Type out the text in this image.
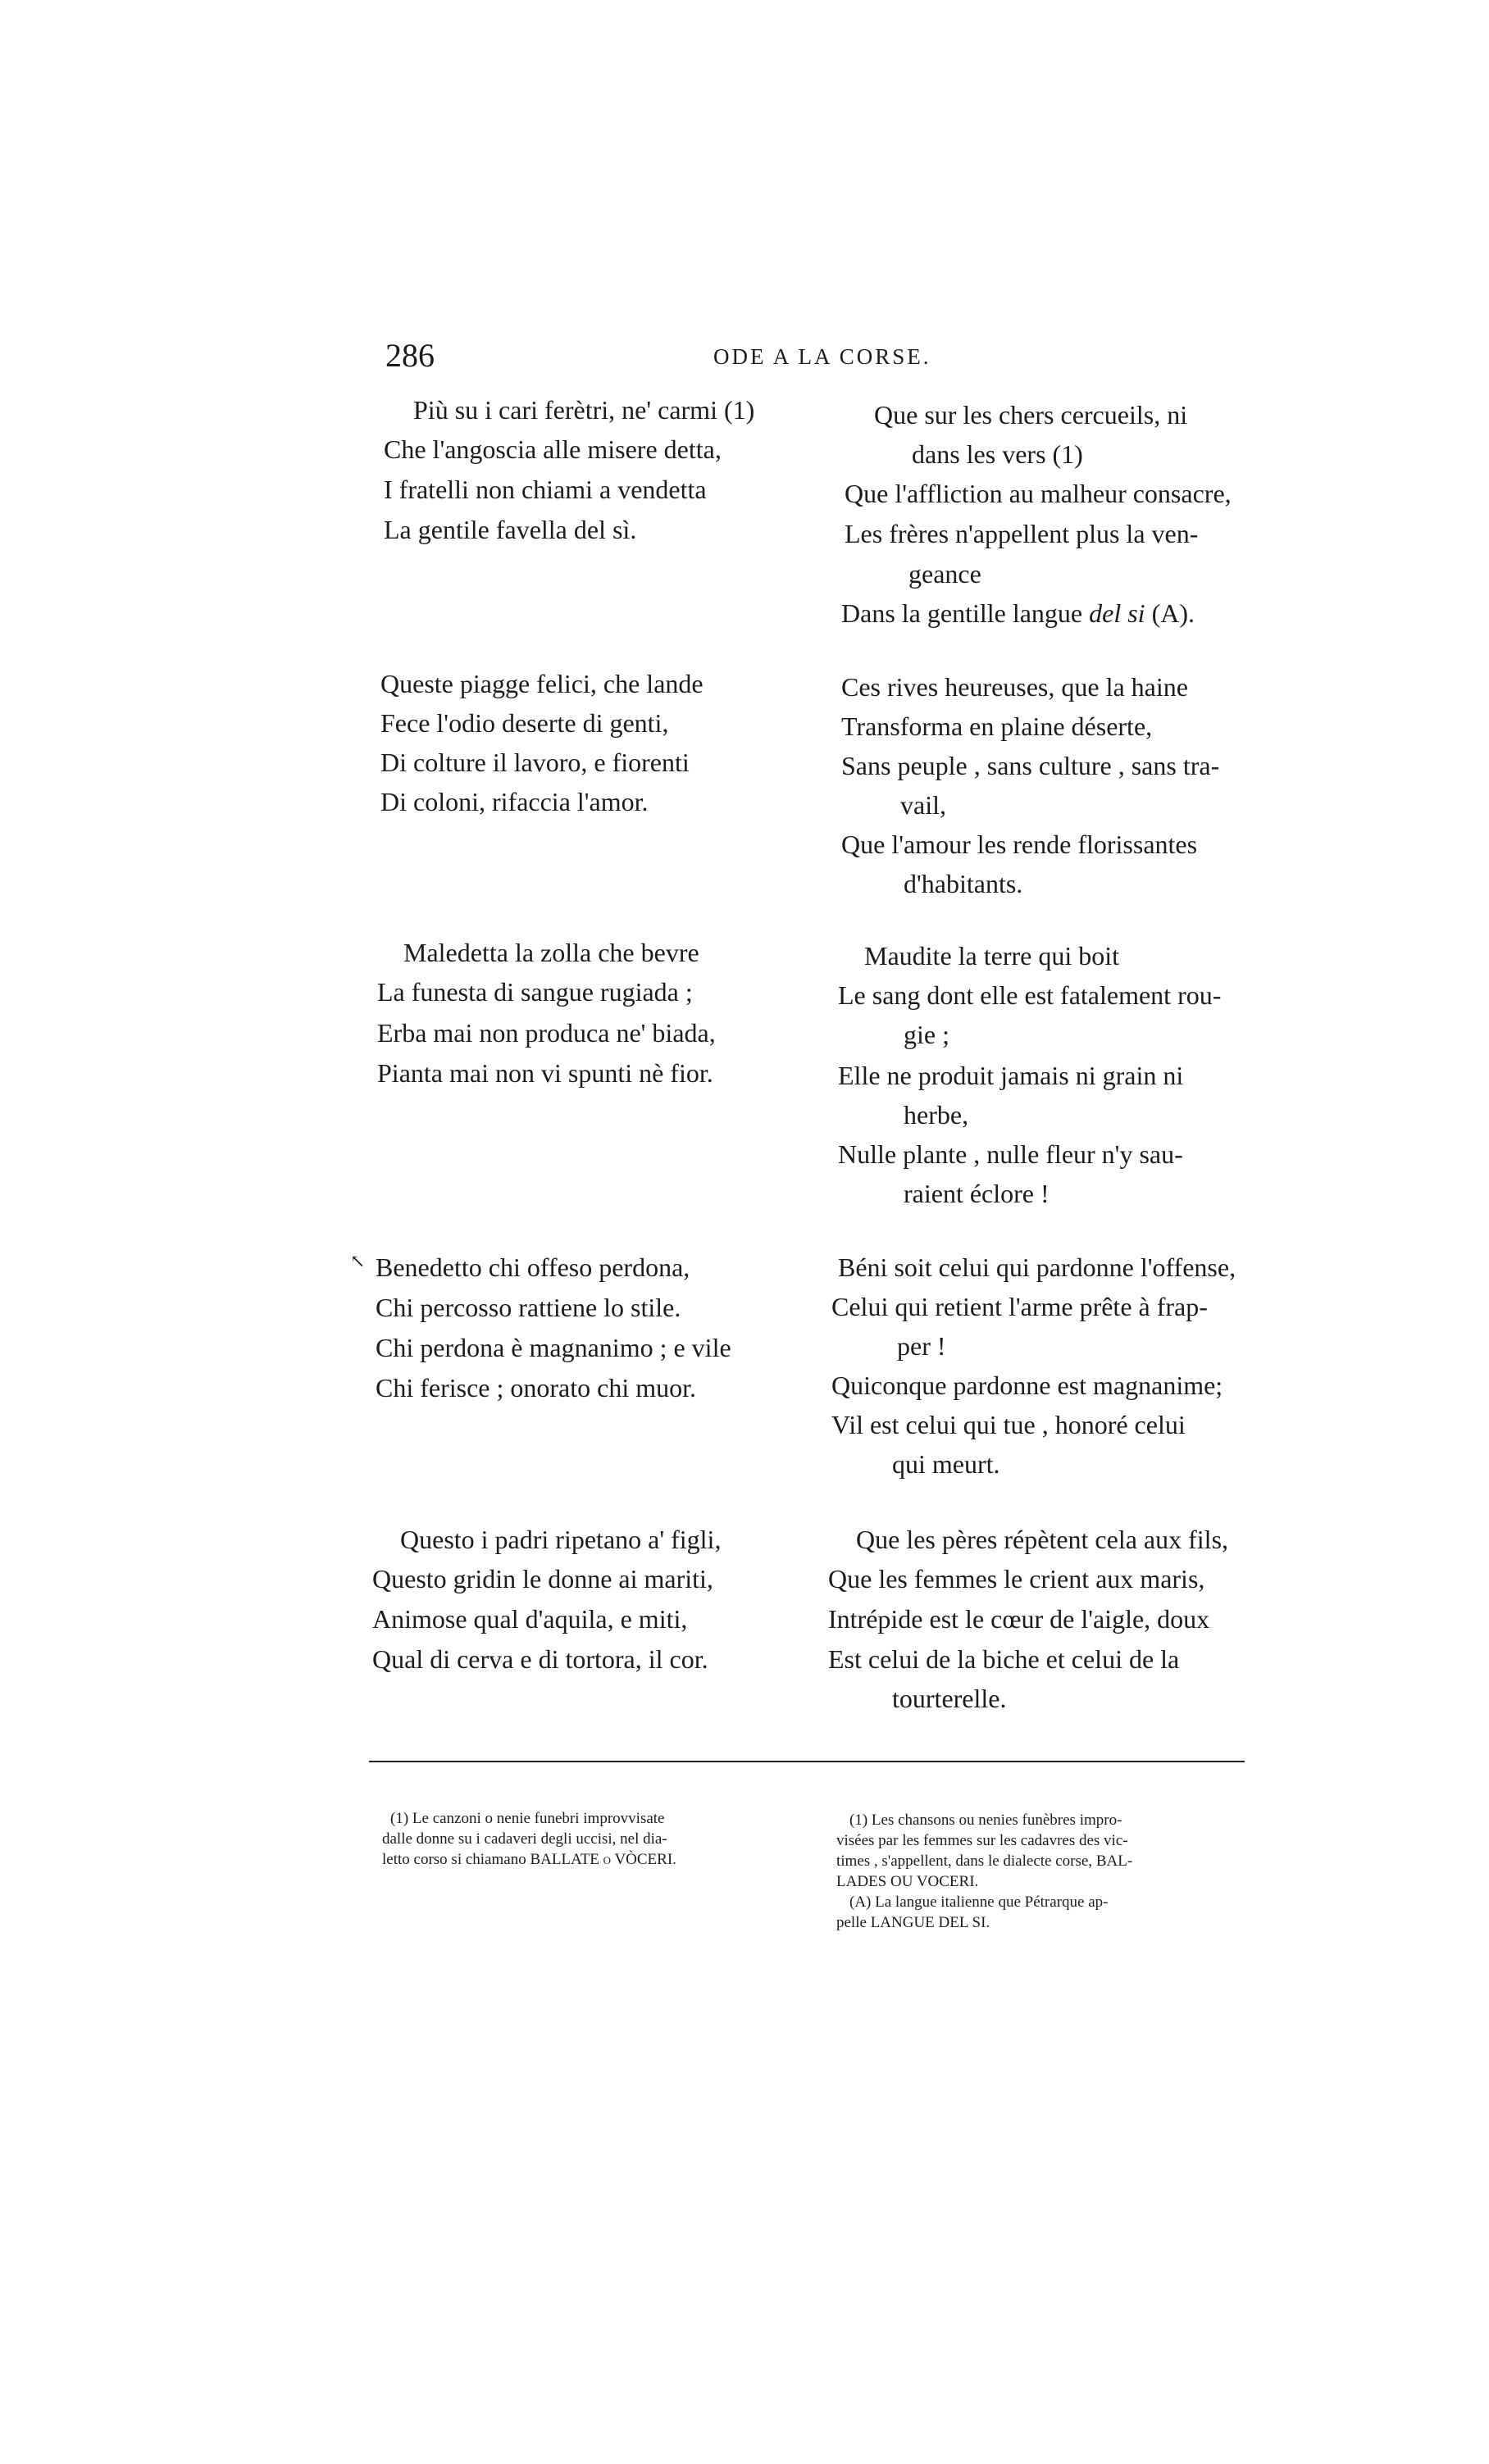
286	ODE A LA CORSE.
Più su i cari ferètri, ne' carmi (1)
Che l'angoscia alle misere detta,
I fratelli non chiami a vendetta
La gentile favella del sì.
Queste piagge felici, che lande
Fece l'odio deserte di genti,
Di colture il lavoro, e fiorenti
Di coloni, rifaccia l'amor.
Maledetta la zolla che bevre
La funesta di sangue rugiada ;
Erba mai non produca ne' biada,
Pianta mai non vi spunti nè fior.
Benedetto chi offeso perdona,
Chi percosso rattiene lo stile.
Chi perdona è magnanimo ; e vile
Chi ferisce ; onorato chi muor.
Questo i padri ripetano a' figli,
Questo gridin le donne ai mariti,
Animose qual d'aquila, e miti,
Qual di cerva e di tortora, il cor.
↖
Que sur les chers cercueils, ni
dans les vers (1)
Que l'affliction au malheur consacre,
Les frères n'appellent plus la ven-
geance
Dans la gentille langue del si (A).
Ces rives heureuses, que la haine
Transforma en plaine déserte,
Sans peuple , sans culture , sans tra-
vail,
Que l'amour les rende florissantes
d'habitants.
Maudite la terre qui boit
Le sang dont elle est fatalement rou-
gie ;
Elle ne produit jamais ni grain ni
herbe,
Nulle plante , nulle fleur n'y sau-
raient éclore !
Béni soit celui qui pardonne l'offense,
Celui qui retient l'arme prête à frap-
per !
Quiconque pardonne est magnanime;
Vil est celui qui tue , honoré celui
qui meurt.
Que les pères répètent cela aux fils,
Que les femmes le crient aux maris,
Intrépide est le cœur de l'aigle, doux
Est celui de la biche et celui de la
tourterelle.
(1) Le canzoni o nenie funebri improvvisate
dalle donne su i cadaveri degli uccisi, nel dia-
letto corso si chiamano BALLATE o VÒCERI.
(1) Les chansons ou nenies funèbres impro-
visées par les femmes sur les cadavres des vic-
times , s'appellent, dans le dialecte corse, BAL-
LADES OU VOCERI.
(A) La langue italienne que Pétrarque ap-
pelle LANGUE DEL SI.
